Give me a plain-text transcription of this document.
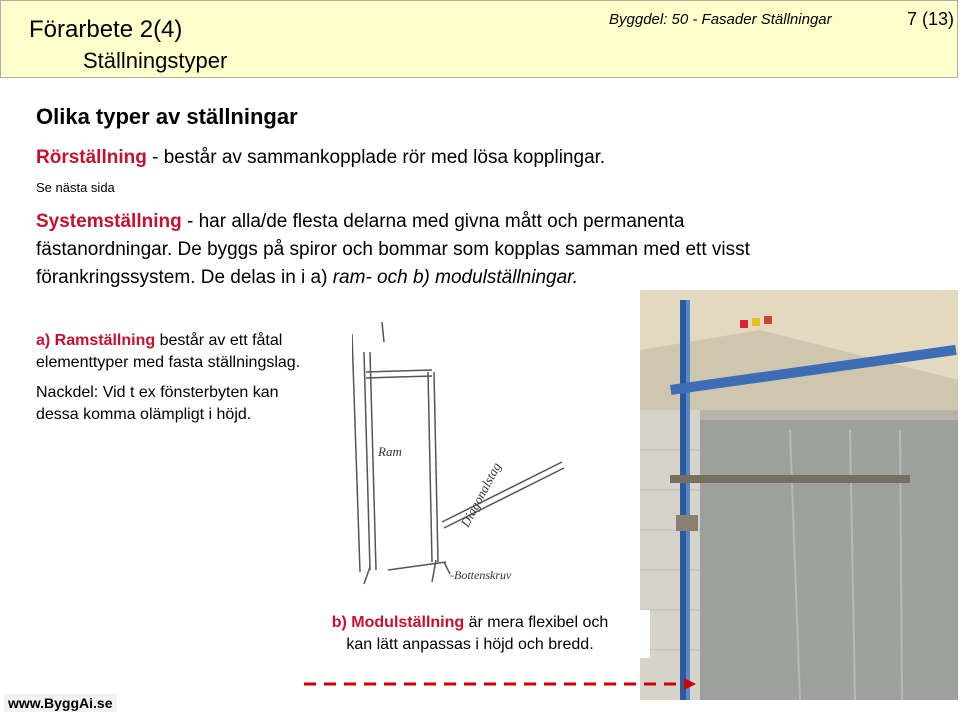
Förarbete 2(4)
Ställningstyper
Byggdel: 50 - Fasader Ställningar	7 (13)
Olika typer av ställningar
Rörställning - består av sammankopplade rör med lösa kopplingar.
Se nästa sida
Systemställning - har alla/de flesta delarna med givna mått och permanenta
fästanordningar. De byggs på spiror och bommar som kopplas samman med ett visst
förankringssystem. De delas in i a) ram- och b) modulställningar.

a) Ramställning består av ett fåtal

elementtyper med fasta ställningslag.

Nackdel: Vid t ex fönsterbyten kan

dessa komma olämpligt i höjd.

Ram
Diagonalstag
-Bottenskruv
b) Modulställning är mera flexibel och
kan lätt anpassas i höjd och bredd.
www.ByggAi.se
